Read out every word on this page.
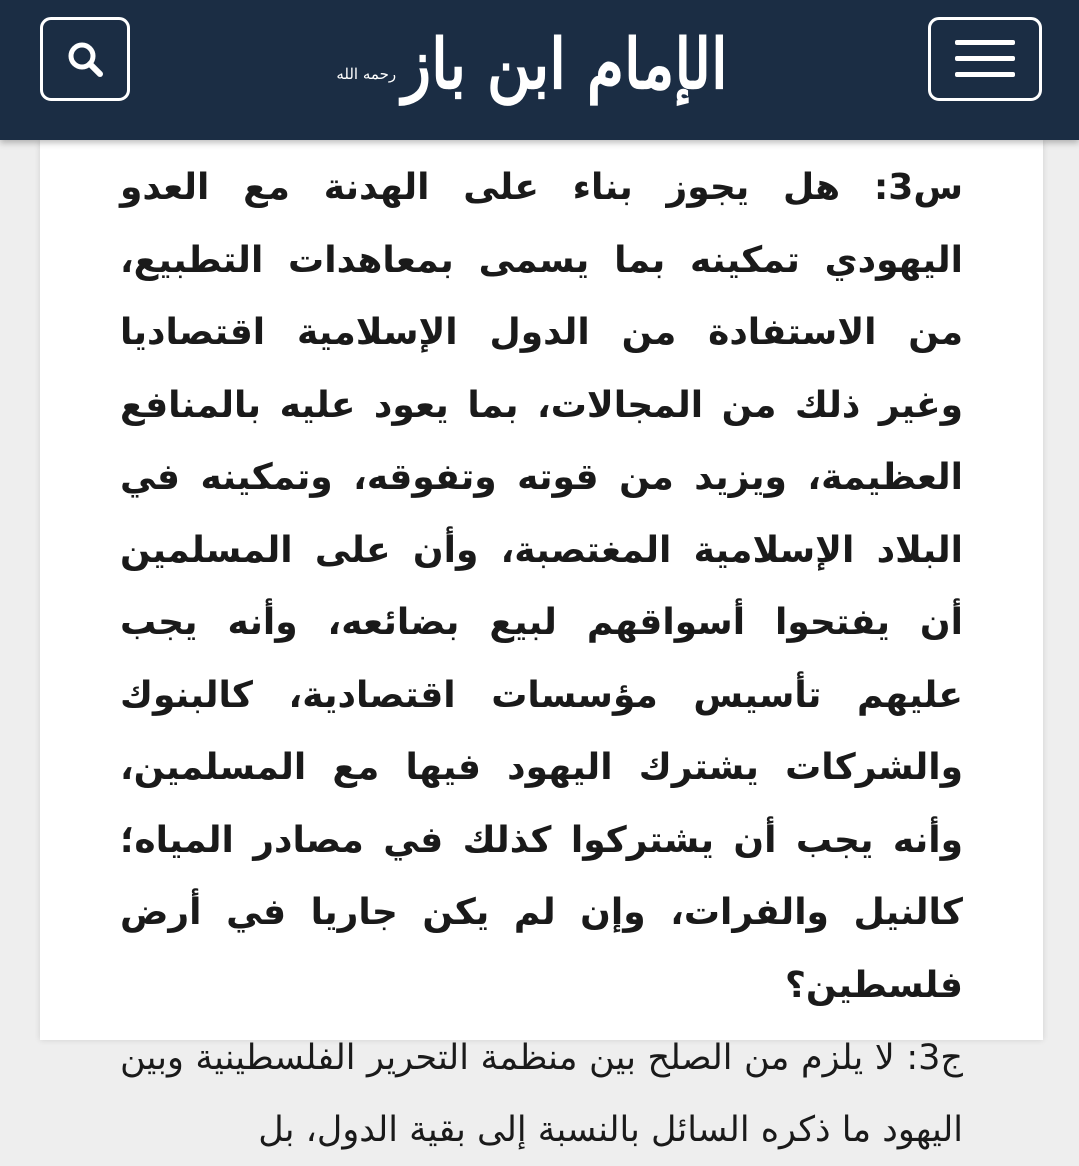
رحمه الله الإمام ابن باز

س3: هل يجوز بناء على الهدنة مع العدو اليهودي تمكينه بما يسمى بمعاهدات التطبيع، من الاستفادة من الدول الإسلامية اقتصاديا وغير ذلك من المجالات، بما يعود عليه بالمنافع العظيمة، ويزيد من قوته وتفوقه، وتمكينه في البلاد الإسلامية المغتصبة، وأن على المسلمين أن يفتحوا أسواقهم لبيع بضائعه، وأنه يجب عليهم تأسيس مؤسسات اقتصادية، كالبنوك والشركات يشترك اليهود فيها مع المسلمين، وأنه يجب أن يشتركوا كذلك في مصادر المياه؛ كالنيل والفرات، وإن لم يكن جاريا في أرض فلسطين؟

ج3: لا يلزم من الصلح بين منظمة التحرير الفلسطينية وبين اليهود ما ذكره السائل بالنسبة إلى بقية الدول، بل
